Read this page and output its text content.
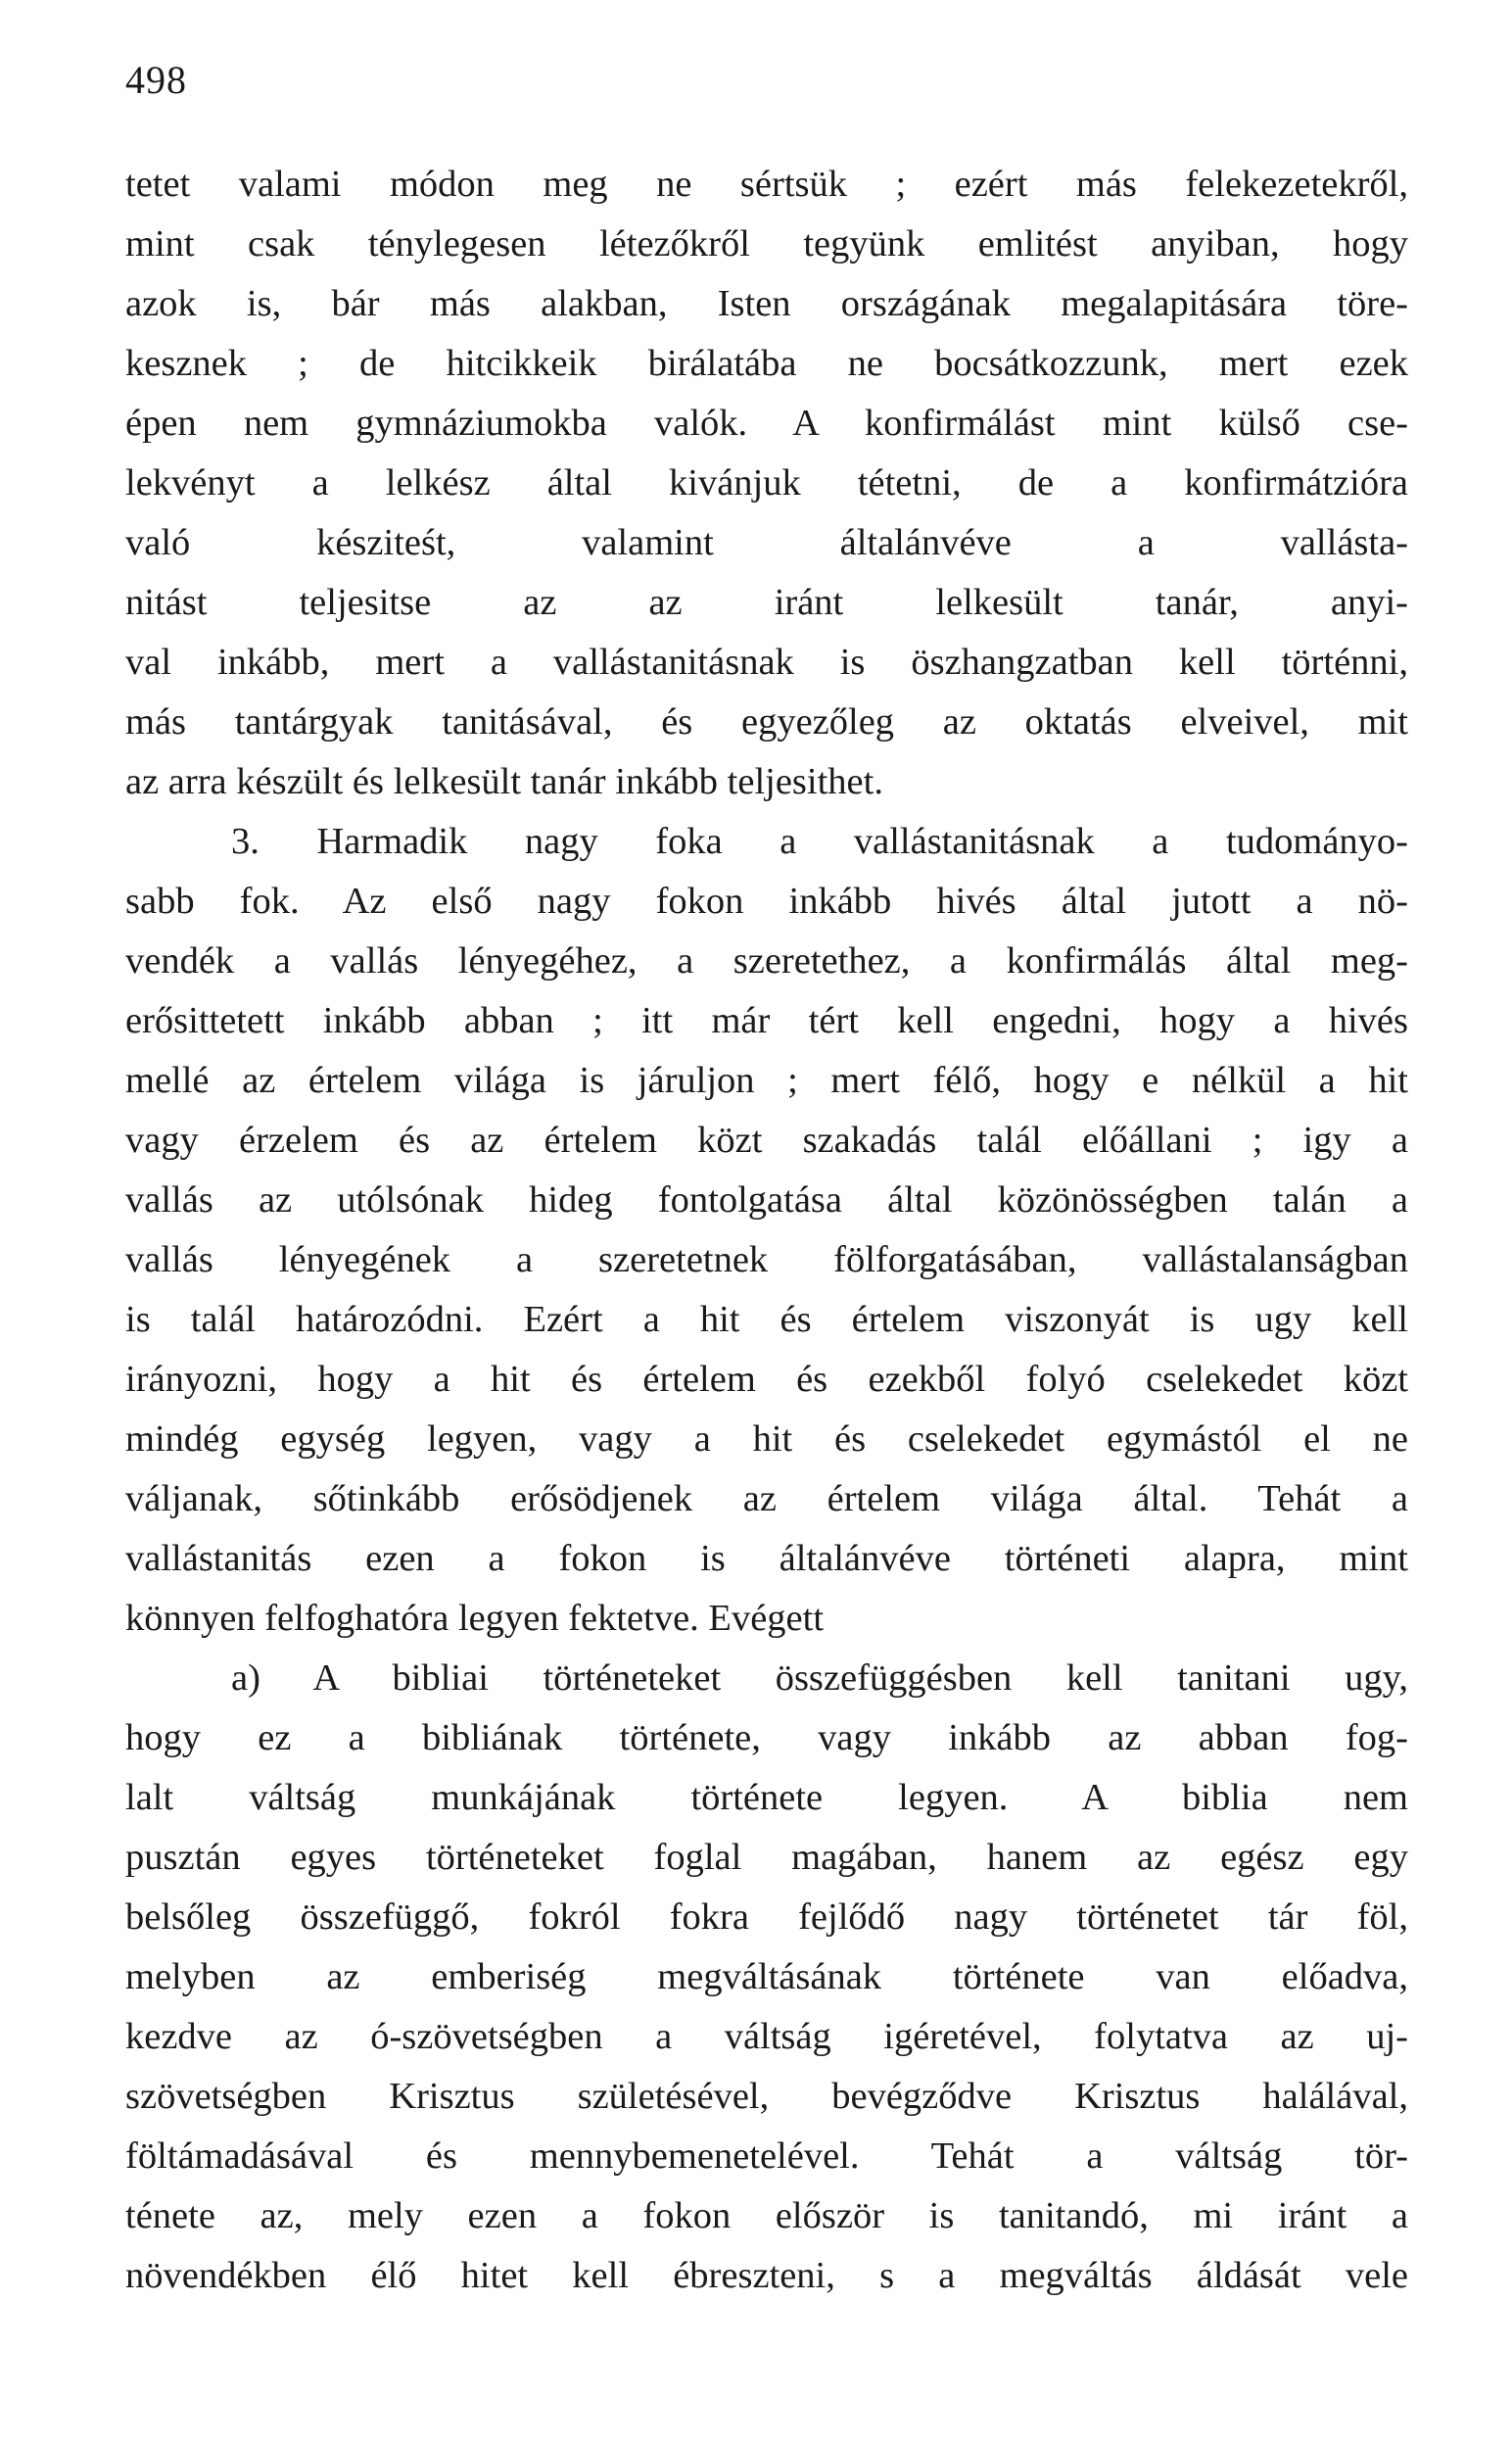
498
tetet valami módon meg ne sértsük ; ezért más felekezetekről,
mint csak ténylegesen létezőkről tegyünk emlitést anyiban, hogy
azok is, bár más alakban, Isten országának megalapitására töre-
kesznek ; de hitcikkeik birálatába ne bocsátkozzunk, mert ezek
épen nem gymnáziumokba valók. A konfirmálást mint külső cse-
lekvényt a lelkész által kivánjuk tétetni, de a konfirmátzióra
való késziteśt, valamint általánvéve a vallásta-
nitást teljesitse az az iránt lelkesült tanár, anyi-
val inkább, mert a vallástanitásnak is öszhangzatban kell történni,
más tantárgyak tanitásával, és egyezőleg az oktatás elveivel, mit
az arra készült és lelkesült tanár inkább teljesithet.
3. Harmadik nagy foka a vallástanitásnak a tudományo-
sabb fok. Az első nagy fokon inkább hivés által jutott a nö-
vendék a vallás lényegéhez, a szeretethez, a konfirmálás által meg-
erősittetett inkább abban ; itt már tért kell engedni, hogy a hivés
mellé az értelem világa is járuljon ; mert félő, hogy e nélkül a hit
vagy érzelem és az értelem közt szakadás talál előállani ; igy a
vallás az utólsónak hideg fontolgatása által közönösségben talán a
vallás lényegének a szeretetnek fölforgatásában, vallástalanságban
is talál határozódni. Ezért a hit és értelem viszonyát is ugy kell
irányozni, hogy a hit és értelem és ezekből folyó cselekedet közt
mindég egység legyen, vagy a hit és cselekedet egymástól el ne
váljanak, sőtinkább erősödjenek az értelem világa által. Tehát a
vallástanitás ezen a fokon is általánvéve történeti alapra, mint
könnyen felfoghatóra legyen fektetve. Evégett
a) A bibliai történeteket összefüggésben kell tanitani ugy,
hogy ez a bibliának története, vagy inkább az abban fog-
lalt váltság munkájának története legyen. A biblia nem
pusztán egyes történeteket foglal magában, hanem az egész egy
belsőleg összefüggő, fokról fokra fejlődő nagy történetet tár föl,
melyben az emberiség megváltásának története van előadva,
kezdve az ó-szövetségben a váltság igéretével, folytatva az uj-
szövetségben Krisztus születésével, bevégződve Krisztus halálával,
föltámadásával és mennybemenetelével. Tehát a váltság tör-
ténete az, mely ezen a fokon először is tanitandó, mi iránt a
növendékben élő hitet kell ébreszteni, s a megváltás áldását vele
